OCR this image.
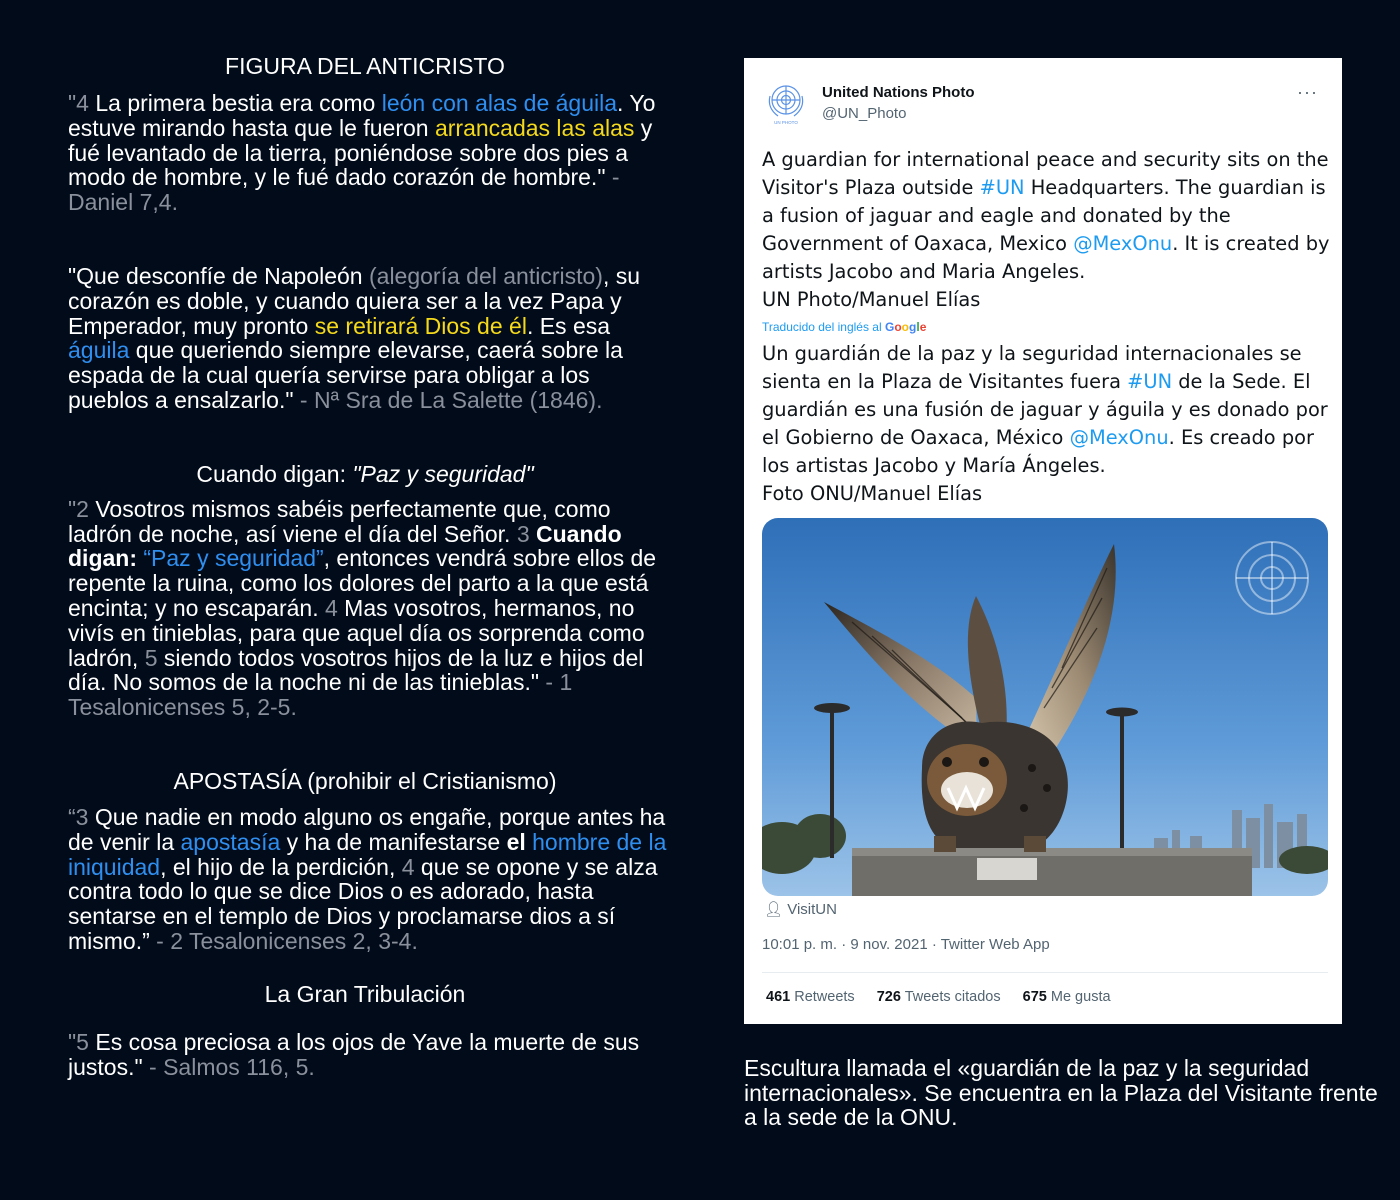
FIGURA DEL ANTICRISTO

"4 La primera bestia era como león con alas de águila. Yo estuve mirando hasta que le fueron arrancadas las alas y fué levantado de la tierra, poniéndose sobre dos pies a modo de hombre, y le fué dado corazón de hombre." - Daniel 7,4.

"Que desconfíe de Napoleón (alegoría del anticristo), su corazón es doble, y cuando quiera ser a la vez Papa y Emperador, muy pronto se retirará Dios de él. Es esa águila que queriendo siempre elevarse, caerá sobre la espada de la cual quería servirse para obligar a los pueblos a ensalzarlo." - Nª Sra de La Salette (1846).

Cuando digan: "Paz y seguridad"

"2 Vosotros mismos sabéis perfectamente que, como ladrón de noche, así viene el día del Señor. 3 Cuando digan: “Paz y seguridad”, entonces vendrá sobre ellos de repente la ruina, como los dolores del parto a la que está encinta; y no escaparán. 4 Mas vosotros, hermanos, no vivís en tinieblas, para que aquel día os sorprenda como ladrón, 5 siendo todos vosotros hijos de la luz e hijos del día. No somos de la noche ni de las tinieblas." - 1 Tesalonicenses 5, 2-5.

APOSTASÍA (prohibir el Cristianismo)

“3 Que nadie en modo alguno os engañe, porque antes ha de venir la apostasía y ha de manifestarse el hombre de la iniquidad, el hijo de la perdición, 4 que se opone y se alza contra todo lo que se dice Dios o es adorado, hasta sentarse en el templo de Dios y proclamarse dios a sí mismo.” - 2 Tesalonicenses 2, 3-4.

La Gran Tribulación

"5 Es cosa preciosa a los ojos de Yave la muerte de sus justos." - Salmos 116, 5.

UN PHOTO
United Nations Photo
@UN_Photo
···

A guardian for international peace and security sits on the Visitor's Plaza outside #UN Headquarters. The guardian is a fusion of jaguar and eagle and donated by the Government of Oaxaca, Mexico @MexOnu. It is created by artists Jacobo and Maria Angeles.

UN Photo/Manuel Elías

Traducido del inglés al Google

Un guardián de la paz y la seguridad internacionales se sienta en la Plaza de Visitantes fuera #UN de la Sede. El guardián es una fusión de jaguar y águila y es donado por el Gobierno de Oaxaca, México @MexOnu. Es creado por los artistas Jacobo y María Ángeles.

Foto ONU/Manuel Elías

👤︎ VisitUN
10:01 p. m. · 9 nov. 2021 · Twitter Web App
461 Retweets 726 Tweets citados 675 Me gusta
Escultura llamada el «guardián de la paz y la seguridad internacionales». Se encuentra en la Plaza del Visitante frente a la sede de la ONU.
